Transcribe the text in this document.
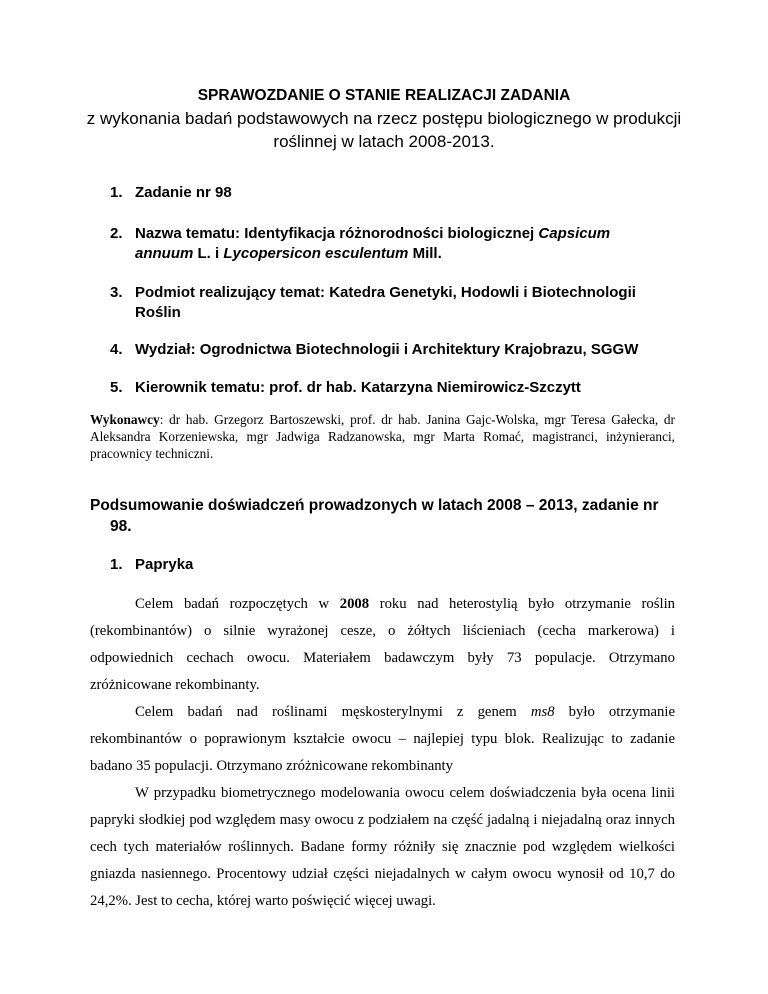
SPRAWOZDANIE O STANIE REALIZACJI ZADANIA
z wykonania badań podstawowych na rzecz postępu biologicznego w produkcji
roślinnej w latach 2008-2013.
1. Zadanie nr 98
2. Nazwa tematu: Identyfikacja różnorodności biologicznej Capsicum
annuum L. i Lycopersicon esculentum Mill.
3. Podmiot realizujący temat: Katedra Genetyki, Hodowli i Biotechnologii Roślin
4. Wydział: Ogrodnictwa Biotechnologii i Architektury Krajobrazu, SGGW
5. Kierownik tematu: prof. dr hab. Katarzyna Niemirowicz-Szczytt
Wykonawcy: dr hab. Grzegorz Bartoszewski, prof. dr hab. Janina Gajc-Wolska, mgr Teresa Gałecka, dr Aleksandra Korzeniewska, mgr Jadwiga Radzanowska, mgr Marta Romać, magistranci, inżynieranci, pracownicy techniczni.
Podsumowanie doświadczeń prowadzonych w latach 2008 – 2013, zadanie nr
98.
1. Papryka

Celem badań rozpoczętych w 2008 roku nad heterostylią było otrzymanie roślin (rekombinantów) o silnie wyrażonej cesze, o żółtych liścieniach (cecha markerowa) i odpowiednich cechach owocu. Materiałem badawczym były 73 populacje. Otrzymano zróżnicowane rekombinanty.

Celem badań nad roślinami męskosterylnymi z genem ms8 było otrzymanie rekombinantów o poprawionym kształcie owocu – najlepiej typu blok. Realizując to zadanie badano 35 populacji. Otrzymano zróżnicowane rekombinanty

W przypadku biometrycznego modelowania owocu celem doświadczenia była ocena linii papryki słodkiej pod względem masy owocu z podziałem na część jadalną i niejadalną oraz innych cech tych materiałów roślinnych. Badane formy różniły się znacznie pod względem wielkości gniazda nasiennego. Procentowy udział części niejadalnych w całym owocu wynosił od 10,7 do 24,2%. Jest to cecha, której warto poświęcić więcej uwagi.
